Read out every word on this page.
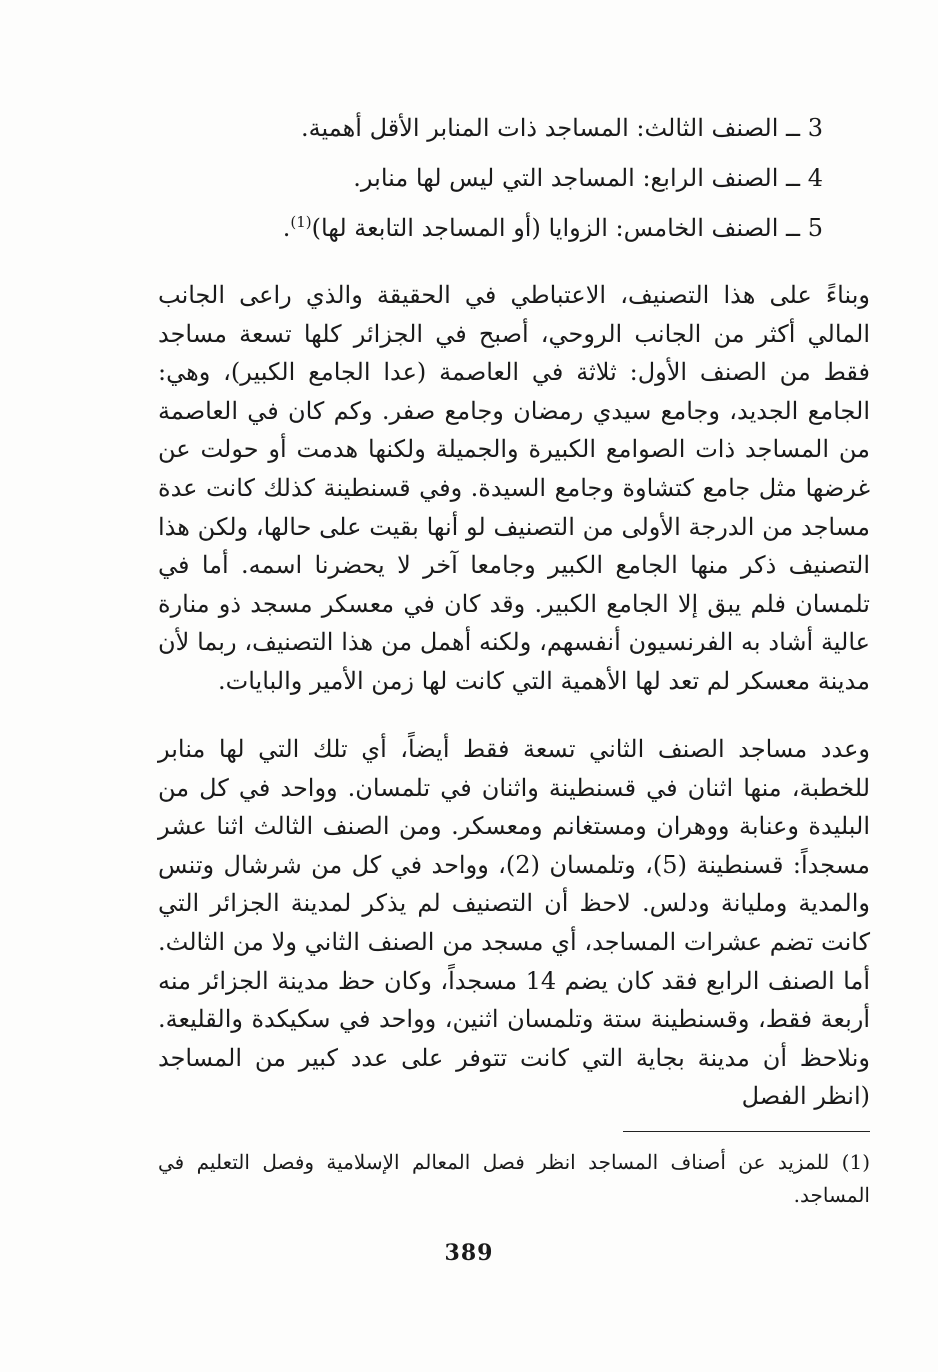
3 ــ الصنف الثالث: المساجد ذات المنابر الأقل أهمية.
4 ــ الصنف الرابع: المساجد التي ليس لها منابر.
5 ــ الصنف الخامس: الزوايا (أو المساجد التابعة لها)$^{(1)}$.

وبناءً على هذا التصنيف، الاعتباطي في الحقيقة والذي راعى الجانب المالي أكثر من الجانب الروحي، أصبح في الجزائر كلها تسعة مساجد فقط من الصنف الأول: ثلاثة في العاصمة (عدا الجامع الكبير)، وهي: الجامع الجديد، وجامع سيدي رمضان وجامع صفر. وكم كان في العاصمة من المساجد ذات الصوامع الكبيرة والجميلة ولكنها هدمت أو حولت عن غرضها مثل جامع كتشاوة وجامع السيدة. وفي قسنطينة كذلك كانت عدة مساجد من الدرجة الأولى من التصنيف لو أنها بقيت على حالها، ولكن هذا التصنيف ذكر منها الجامع الكبير وجامعا آخر لا يحضرنا اسمه. أما في تلمسان فلم يبق إلا الجامع الكبير. وقد كان في معسكر مسجد ذو منارة عالية أشاد به الفرنسيون أنفسهم، ولكنه أهمل من هذا التصنيف، ربما لأن مدينة معسكر لم تعد لها الأهمية التي كانت لها زمن الأمير والبايات.

وعدد مساجد الصنف الثاني تسعة فقط أيضاً، أي تلك التي لها منابر للخطبة، منها اثنان في قسنطينة واثنان في تلمسان. وواحد في كل من البليدة وعنابة ووهران ومستغانم ومعسكر. ومن الصنف الثالث اثنا عشر مسجداً: قسنطينة (5)، وتلمسان (2)، وواحد في كل من شرشال وتنس والمدية ومليانة ودلس. لاحظ أن التصنيف لم يذكر لمدينة الجزائر التي كانت تضم عشرات المساجد، أي مسجد من الصنف الثاني ولا من الثالث. أما الصنف الرابع فقد كان يضم 14 مسجداً، وكان حظ مدينة الجزائر منه أربعة فقط، وقسنطينة ستة وتلمسان اثنين، وواحد في سكيكدة والقليعة. ونلاحظ أن مدينة بجاية التي كانت تتوفر على عدد كبير من المساجد (انظر الفصل

(1) للمزيد عن أصناف المساجد انظر فصل المعالم الإسلامية وفصل التعليم في المساجد.
389
